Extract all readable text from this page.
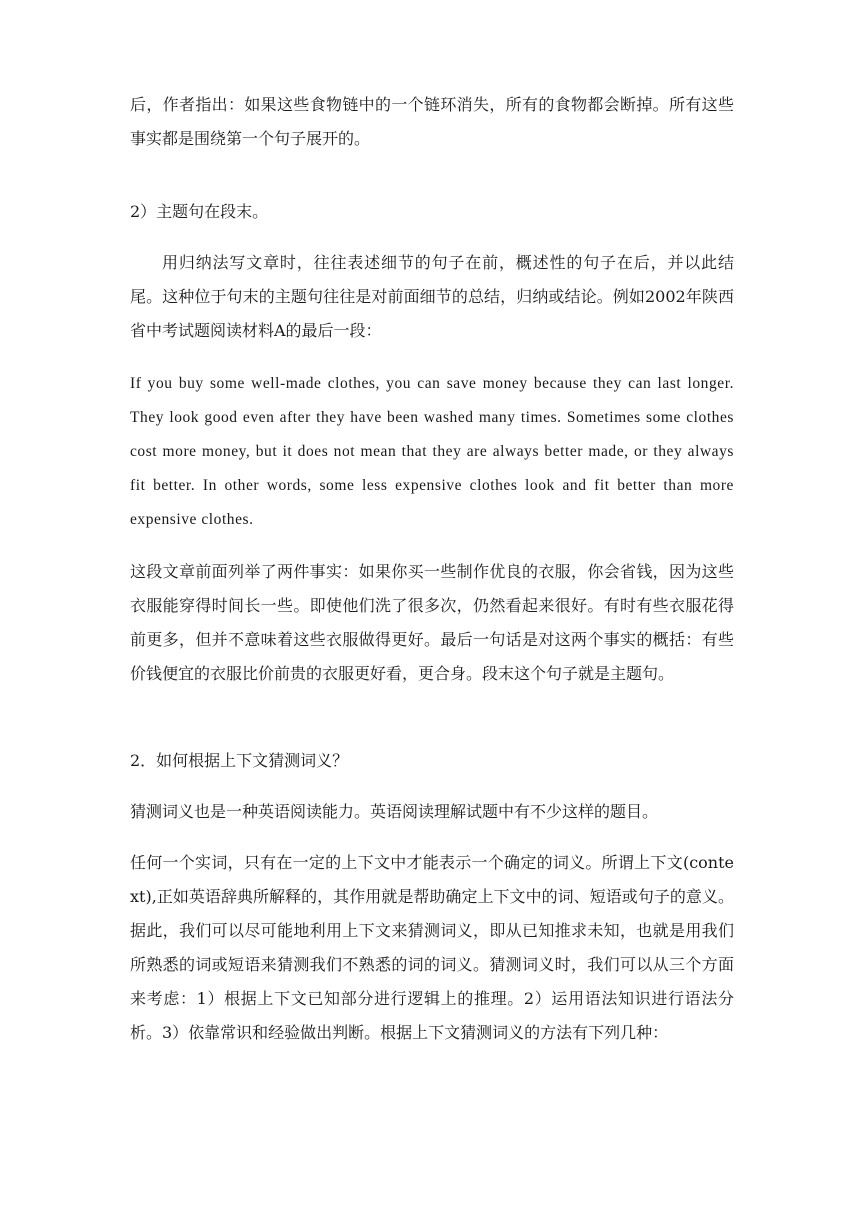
后，作者指出：如果这些食物链中的一个链环消失，所有的食物都会断掉。所有这些事实都是围绕第一个句子展开的。

2）主题句在段末。

用归纳法写文章时，往往表述细节的句子在前，概述性的句子在后，并以此结尾。这种位于句末的主题句往往是对前面细节的总结，归纳或结论。例如2002年陕西省中考试题阅读材料A的最后一段：

If you buy some well-made clothes, you can save money because they can last longer. They look good even after they have been washed many times. Sometimes some clothes cost more money, but it does not mean that they are always better made, or they always fit better. In other words, some less expensive clothes look and fit better than more expensive clothes.

这段文章前面列举了两件事实：如果你买一些制作优良的衣服，你会省钱，因为这些衣服能穿得时间长一些。即使他们洗了很多次，仍然看起来很好。有时有些衣服花得前更多，但并不意味着这些衣服做得更好。最后一句话是对这两个事实的概括：有些价钱便宜的衣服比价前贵的衣服更好看，更合身。段末这个句子就是主题句。

2．如何根据上下文猜测词义？

猜测词义也是一种英语阅读能力。英语阅读理解试题中有不少这样的题目。

任何一个实词，只有在一定的上下文中才能表示一个确定的词义。所谓上下文(context),正如英语辞典所解释的，其作用就是帮助确定上下文中的词、短语或句子的意义。据此，我们可以尽可能地利用上下文来猜测词义，即从已知推求未知，也就是用我们所熟悉的词或短语来猜测我们不熟悉的词的词义。猜测词义时，我们可以从三个方面来考虑：1）根据上下文已知部分进行逻辑上的推理。2）运用语法知识进行语法分析。3）依靠常识和经验做出判断。根据上下文猜测词义的方法有下列几种：
